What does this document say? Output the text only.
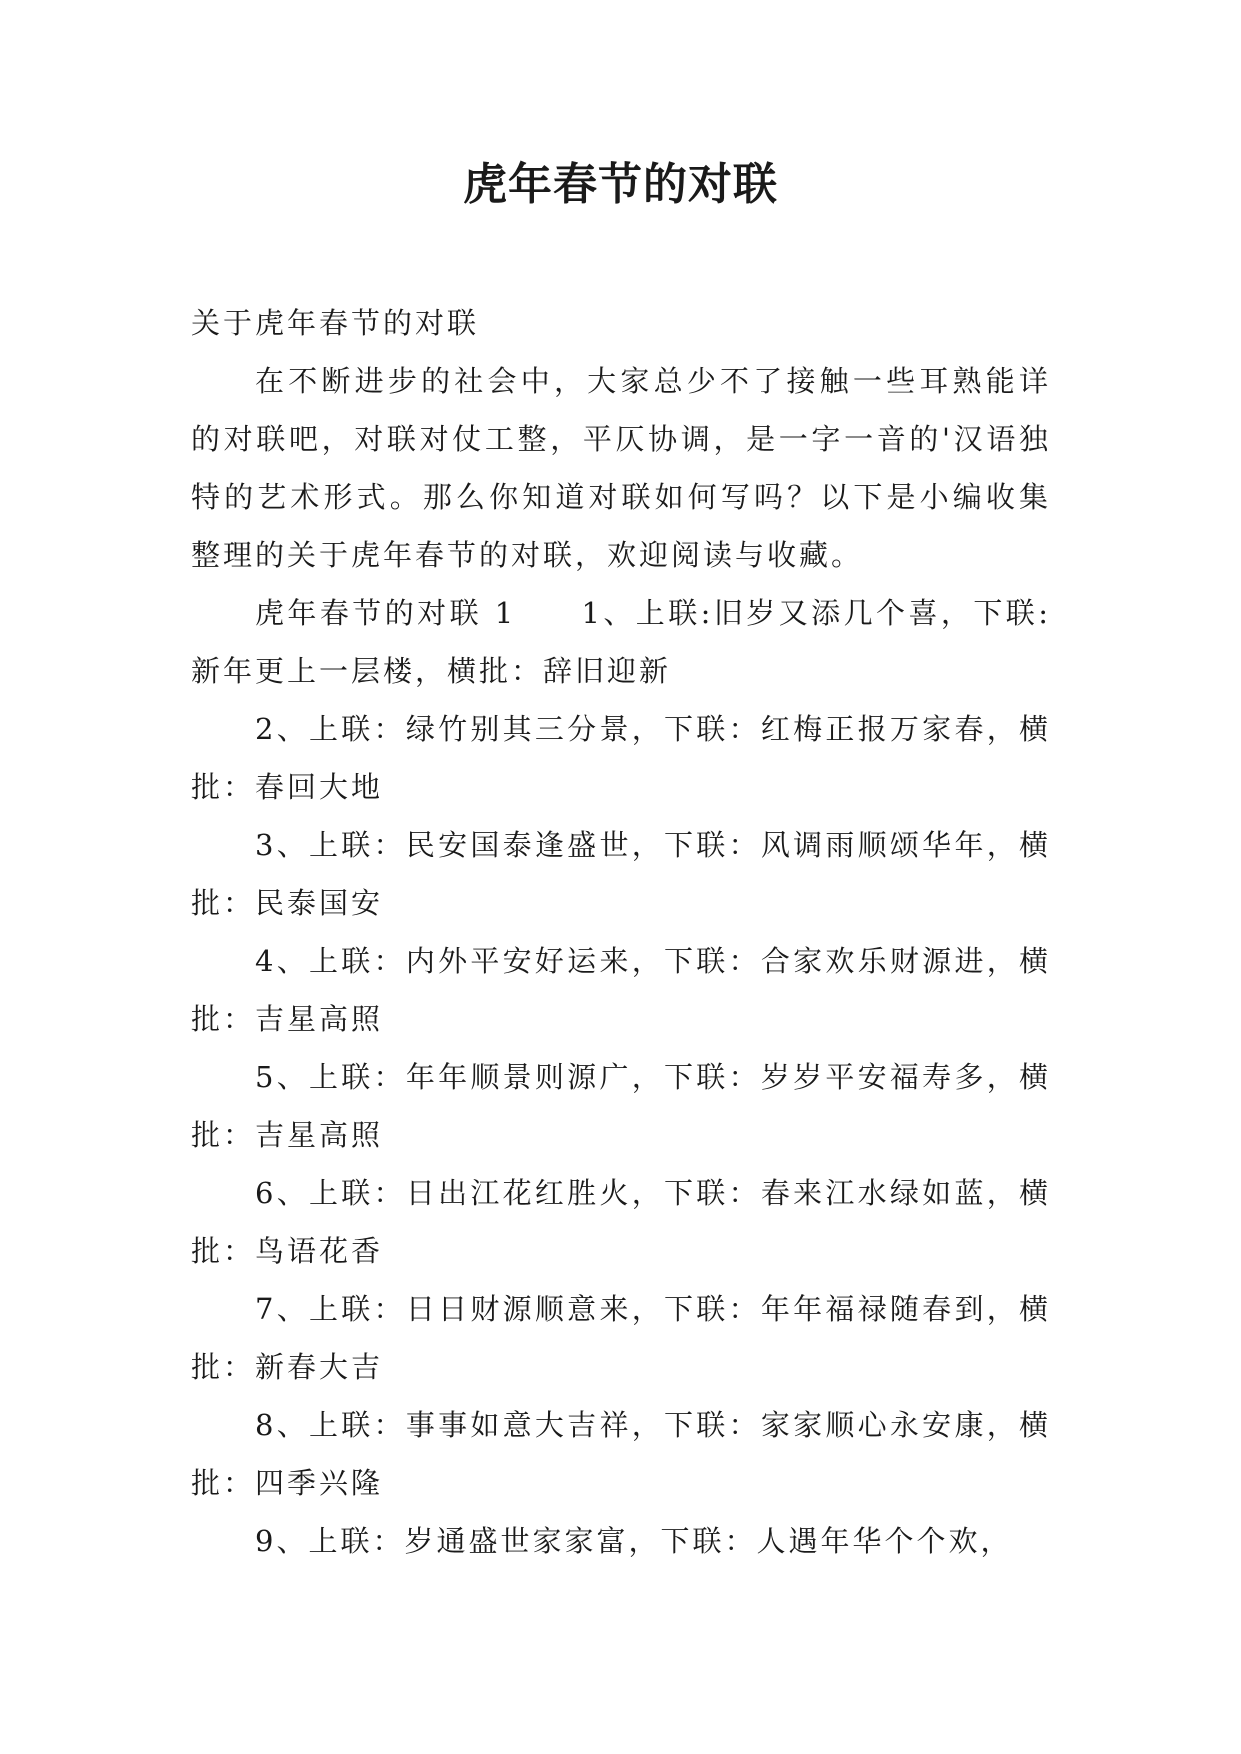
虎年春节的对联

关于虎年春节的对联

在不断进步的社会中，大家总少不了接触一些耳熟能详的对联吧，对联对仗工整，平仄协调，是一字一音的'汉语独特的艺术形式。那么你知道对联如何写吗？以下是小编收集整理的关于虎年春节的对联，欢迎阅读与收藏。

虎年春节的对联 1　　1、上联:旧岁又添几个喜，下联:新年更上一层楼，横批：辞旧迎新

2、上联：绿竹别其三分景，下联：红梅正报万家春，横批：春回大地

3、上联：民安国泰逢盛世，下联：风调雨顺颂华年，横批：民泰国安

4、上联：内外平安好运来，下联：合家欢乐财源进，横批：吉星高照

5、上联：年年顺景则源广，下联：岁岁平安福寿多，横批：吉星高照

6、上联：日出江花红胜火，下联：春来江水绿如蓝，横批：鸟语花香

7、上联：日日财源顺意来，下联：年年福禄随春到，横批：新春大吉

8、上联：事事如意大吉祥，下联：家家顺心永安康，横批：四季兴隆

9、上联：岁通盛世家家富，下联：人遇年华个个欢，
